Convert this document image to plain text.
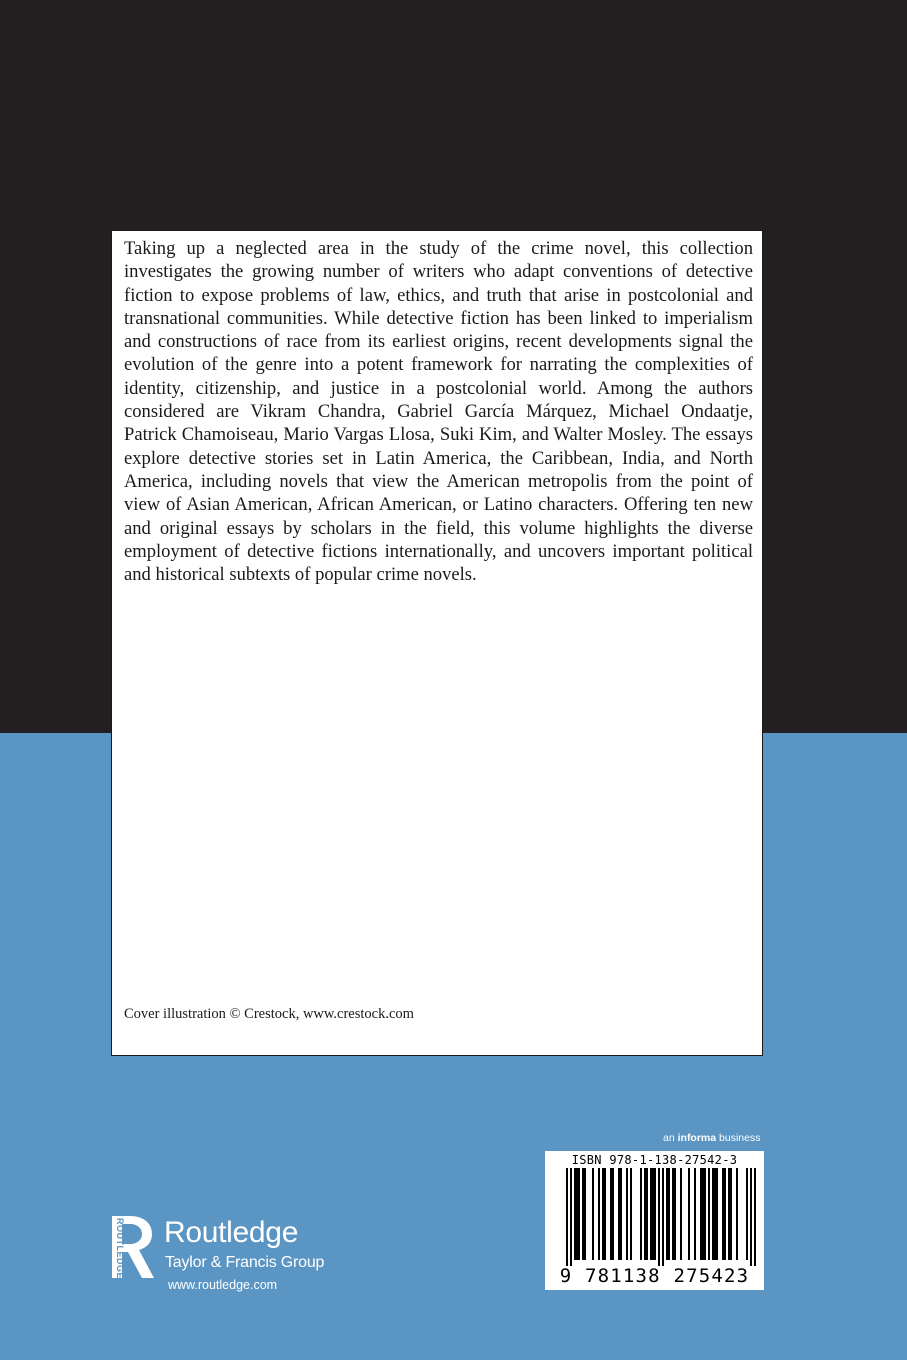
Taking up a neglected area in the study of the crime novel, this collection investigates the growing number of writers who adapt conventions of detective fiction to expose problems of law, ethics, and truth that arise in postcolonial and transnational communities. While detective fiction has been linked to imperialism and constructions of race from its earliest origins, recent developments signal the evolution of the genre into a potent framework for narrating the complexities of identity, citizenship, and justice in a postcolonial world. Among the authors considered are Vikram Chandra, Gabriel García Márquez, Michael Ondaatje, Patrick Chamoiseau, Mario Vargas Llosa, Suki Kim, and Walter Mosley. The essays explore detective stories set in Latin America, the Caribbean, India, and North America, including novels that view the American metropolis from the point of view of Asian American, African American, or Latino characters. Offering ten new and original essays by scholars in the field, this volume highlights the diverse employment of detective fictions internationally, and uncovers important political and historical subtexts of popular crime novels.

Cover illustration © Crestock, www.crestock.com
an informa business
ISBN 978-1-138-27542-3
9 781138 275423
ROUTLEDGE Routledge
Taylor & Francis Group
www.routledge.com
